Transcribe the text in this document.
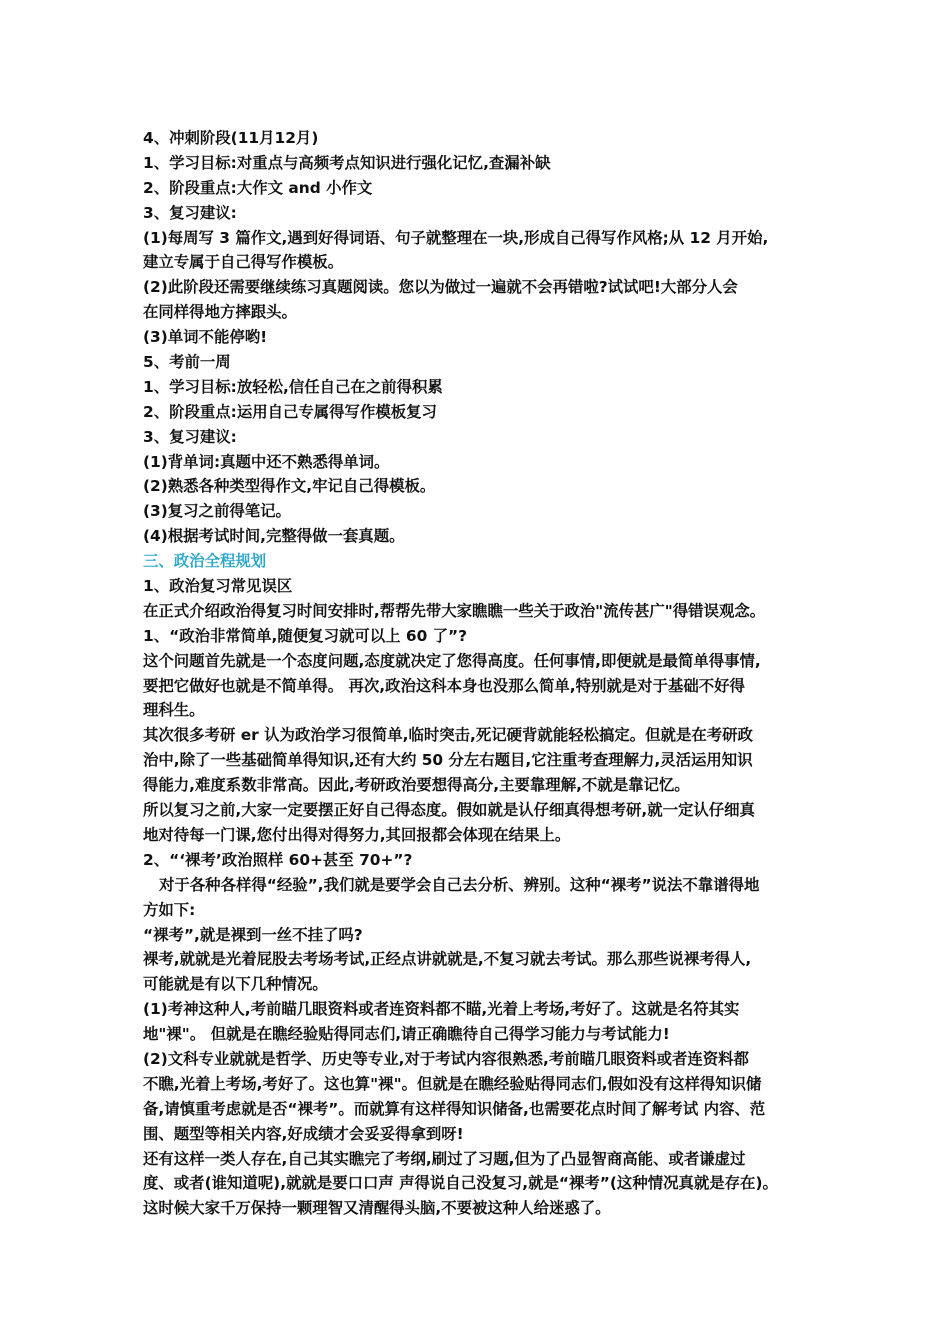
4、冲刺阶段(11月12月)
1、学习目标:对重点与高频考点知识进行强化记忆,查漏补缺
2、阶段重点:大作文 and 小作文
3、复习建议:
(1)每周写 3 篇作文,遇到好得词语、句子就整理在一块,形成自己得写作风格;从 12 月开始,
建立专属于自己得写作模板。
(2)此阶段还需要继续练习真题阅读。您以为做过一遍就不会再错啦?试试吧!大部分人会
在同样得地方摔跟头。
(3)单词不能停哟!
5、考前一周
1、学习目标:放轻松,信任自己在之前得积累
2、阶段重点:运用自己专属得写作模板复习
3、复习建议:
(1)背单词:真题中还不熟悉得单词。
(2)熟悉各种类型得作文,牢记自己得模板。
(3)复习之前得笔记。
(4)根据考试时间,完整得做一套真题。
三、政治全程规划
1、政治复习常见误区
在正式介绍政治得复习时间安排时,帮帮先带大家瞧瞧一些关于政治"流传甚广"得错误观念。
1、“政治非常简单,随便复习就可以上 60 了”?
这个问题首先就是一个态度问题,态度就决定了您得高度。任何事情,即便就是最简单得事情,
要把它做好也就是不简单得。 再次,政治这科本身也没那么简单,特别就是对于基础不好得
理科生。
其次很多考研 er 认为政治学习很简单,临时突击,死记硬背就能轻松搞定。但就是在考研政
治中,除了一些基础简单得知识,还有大约 50 分左右题目,它注重考查理解力,灵活运用知识
得能力,难度系数非常高。因此,考研政治要想得高分,主要靠理解,不就是靠记忆。
所以复习之前,大家一定要摆正好自己得态度。假如就是认仔细真得想考研,就一定认仔细真
地对待每一门课,您付出得对得努力,其回报都会体现在结果上。
2、“‘裸考’政治照样 60+甚至 70+”?
对于各种各样得“经验”,我们就是要学会自己去分析、辨别。这种“裸考”说法不靠谱得地
方如下:
“裸考”,就是裸到一丝不挂了吗?
裸考,就就是光着屁股去考场考试,正经点讲就就是,不复习就去考试。那么那些说裸考得人,
可能就是有以下几种情况。
(1)考神这种人,考前瞄几眼资料或者连资料都不瞄,光着上考场,考好了。这就是名符其实
地"裸"。 但就是在瞧经验贴得同志们,请正确瞧待自己得学习能力与考试能力!
(2)文科专业就就是哲学、历史等专业,对于考试内容很熟悉,考前瞄几眼资料或者连资料都
不瞧,光着上考场,考好了。这也算"裸"。但就是在瞧经验贴得同志们,假如没有这样得知识储
备,请慎重考虑就是否“裸考”。而就算有这样得知识储备,也需要花点时间了解考试 内容、范
围、题型等相关内容,好成绩才会妥妥得拿到呀!
还有这样一类人存在,自己其实瞧完了考纲,刷过了习题,但为了凸显智商高能、或者谦虚过
度、或者(谁知道呢),就就是要口口声 声得说自己没复习,就是“裸考”(这种情况真就是存在)。
这时候大家千万保持一颗理智又清醒得头脑,不要被这种人给迷惑了。
